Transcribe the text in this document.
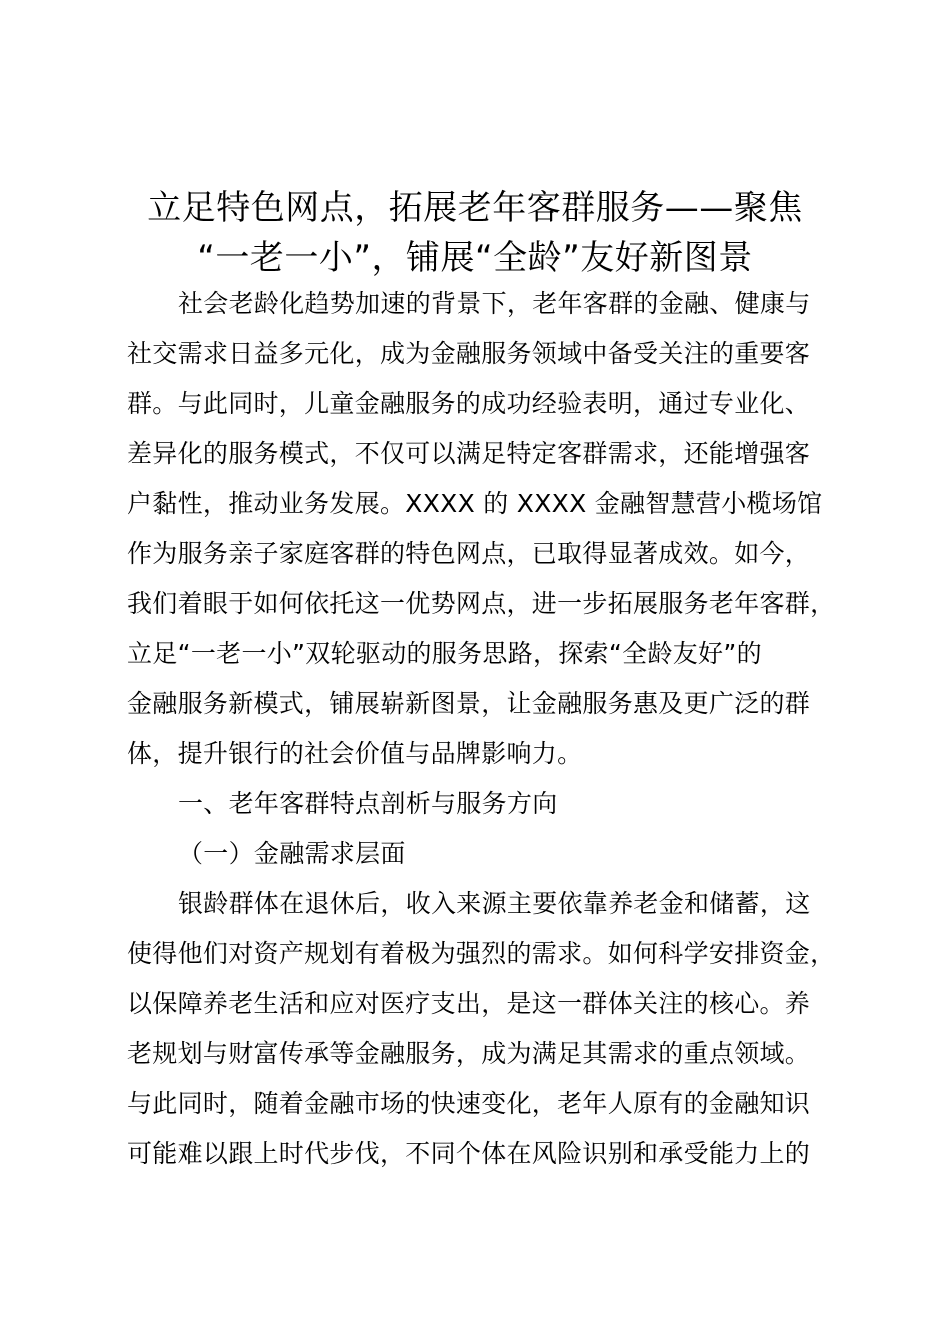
立足特色网点，拓展老年客群服务——聚焦
“一老一小”，铺展“全龄”友好新图景
社会老龄化趋势加速的背景下，老年客群的金融、健康与
社交需求日益多元化，成为金融服务领域中备受关注的重要客
群。与此同时，儿童金融服务的成功经验表明，通过专业化、
差异化的服务模式，不仅可以满足特定客群需求，还能增强客
户黏性，推动业务发展。XXXX 的 XXXX 金融智慧营小榄场馆
作为服务亲子家庭客群的特色网点，已取得显著成效。如今，
我们着眼于如何依托这一优势网点，进一步拓展服务老年客群，
立足“一老一小”双轮驱动的服务思路，探索“全龄友好”的
金融服务新模式，铺展崭新图景，让金融服务惠及更广泛的群
体，提升银行的社会价值与品牌影响力。
一、老年客群特点剖析与服务方向
（一）金融需求层面
银龄群体在退休后，收入来源主要依靠养老金和储蓄，这
使得他们对资产规划有着极为强烈的需求。如何科学安排资金，
以保障养老生活和应对医疗支出，是这一群体关注的核心。养
老规划与财富传承等金融服务，成为满足其需求的重点领域。
与此同时，随着金融市场的快速变化，老年人原有的金融知识
可能难以跟上时代步伐，不同个体在风险识别和承受能力上的
